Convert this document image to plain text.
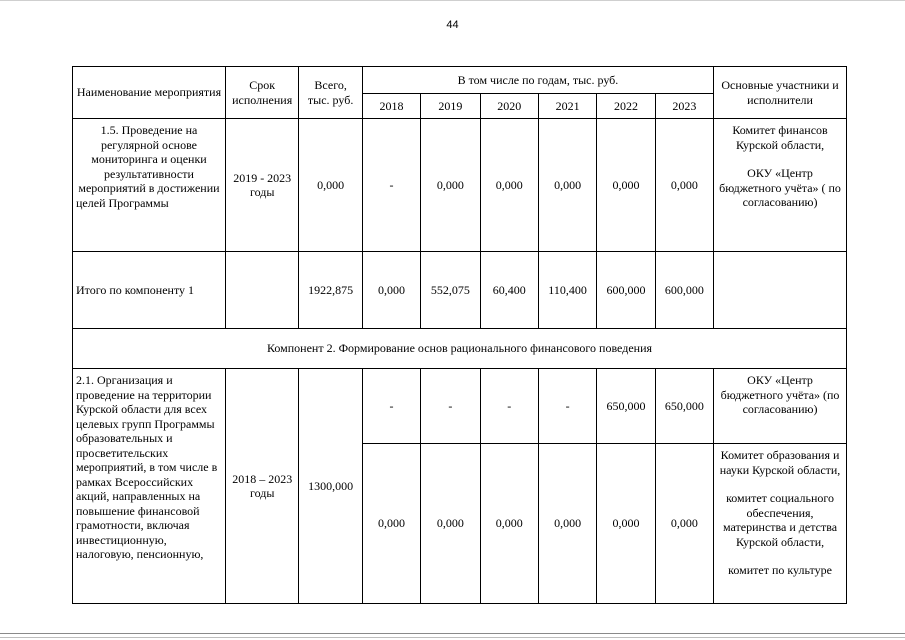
44
Наименование мероприятия	Срок исполнения	Всего, тыс. руб.	В том числе по годам, тыс. руб.						Основные участники и исполнители
			2018	2019	2020	2021	2022	2023	
1.5. Проведение на регулярной основе мониторинга и оценки результативности мероприятий в достижении целей Программы	2019 - 2023 годы	0,000	-	0,000	0,000	0,000	0,000	0,000	Комитет финансов Курской области,
ОКУ «Центр бюджетного учёта» ( по согласованию)

Итого по компоненту 1		1922,875	0,000	552,075	60,400	110,400	600,000	600,000	
Компонент 2. Формирование основ рационального финансового поведения									
2.1. Организация и проведение на территории Курской области для всех целевых групп Программы образовательных и просветительских мероприятий, в том числе в рамках Всероссийских акций, направленных на повышение финансовой грамотности, включая инвестиционную, налоговую, пенсионную,	2018 – 2023 годы	1300,000	-	-	-	-	650,000	650,000	ОКУ «Центр бюджетного учёта» (по согласованию)
			0,000	0,000	0,000	0,000	0,000	0,000	Комитет образования и науки Курской области,
комитет социального обеспечения, материнства и детства Курской области,
комитет по культуре
